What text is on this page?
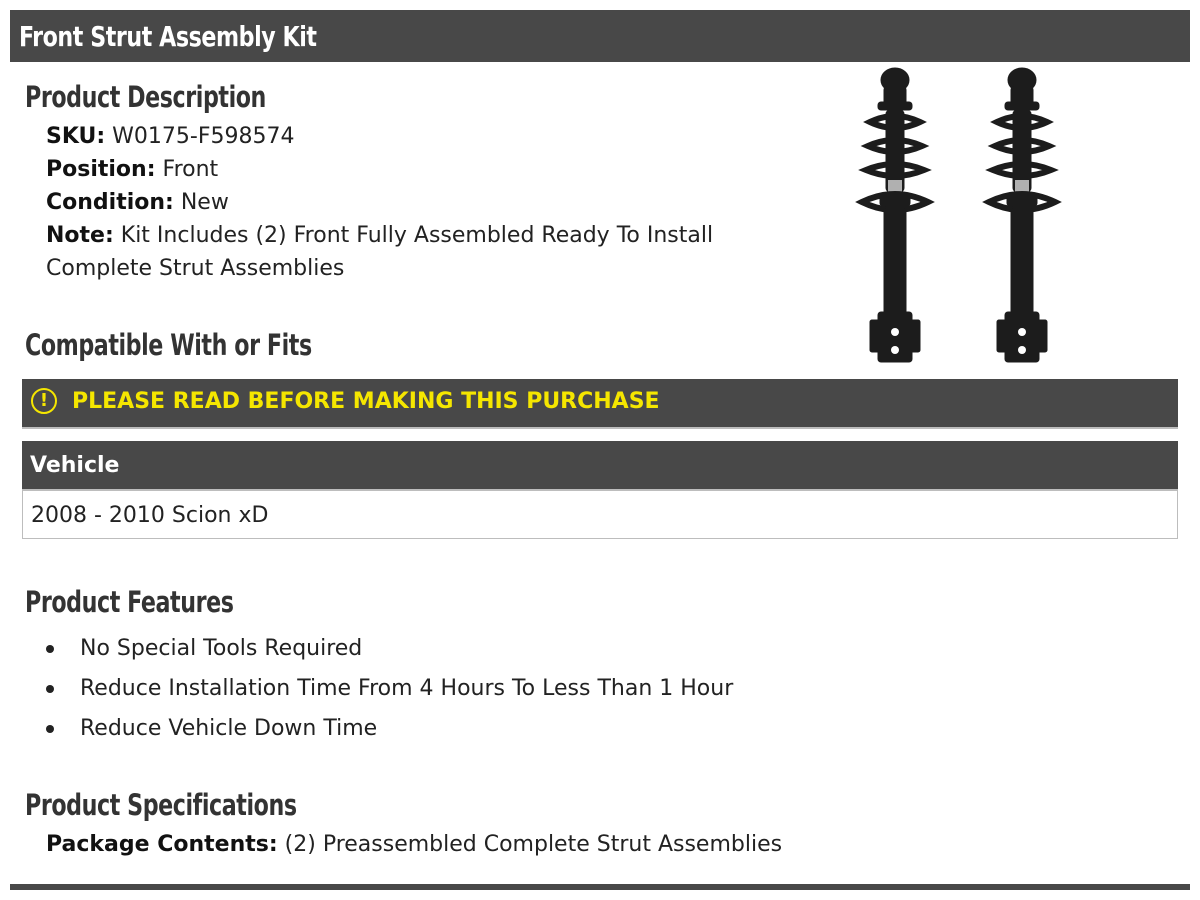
Front Strut Assembly Kit
Product Description
SKU: W0175-F598574
Position: Front
Condition: New
Note: Kit Includes (2) Front Fully Assembled Ready To Install
Complete Strut Assemblies
Compatible With or Fits
!	PLEASE READ BEFORE MAKING THIS PURCHASE
Vehicle
2008 - 2010 Scion xD
Product Features
No Special Tools Required
Reduce Installation Time From 4 Hours To Less Than 1 Hour
Reduce Vehicle Down Time
Product Specifications
Package Contents: (2) Preassembled Complete Strut Assemblies
